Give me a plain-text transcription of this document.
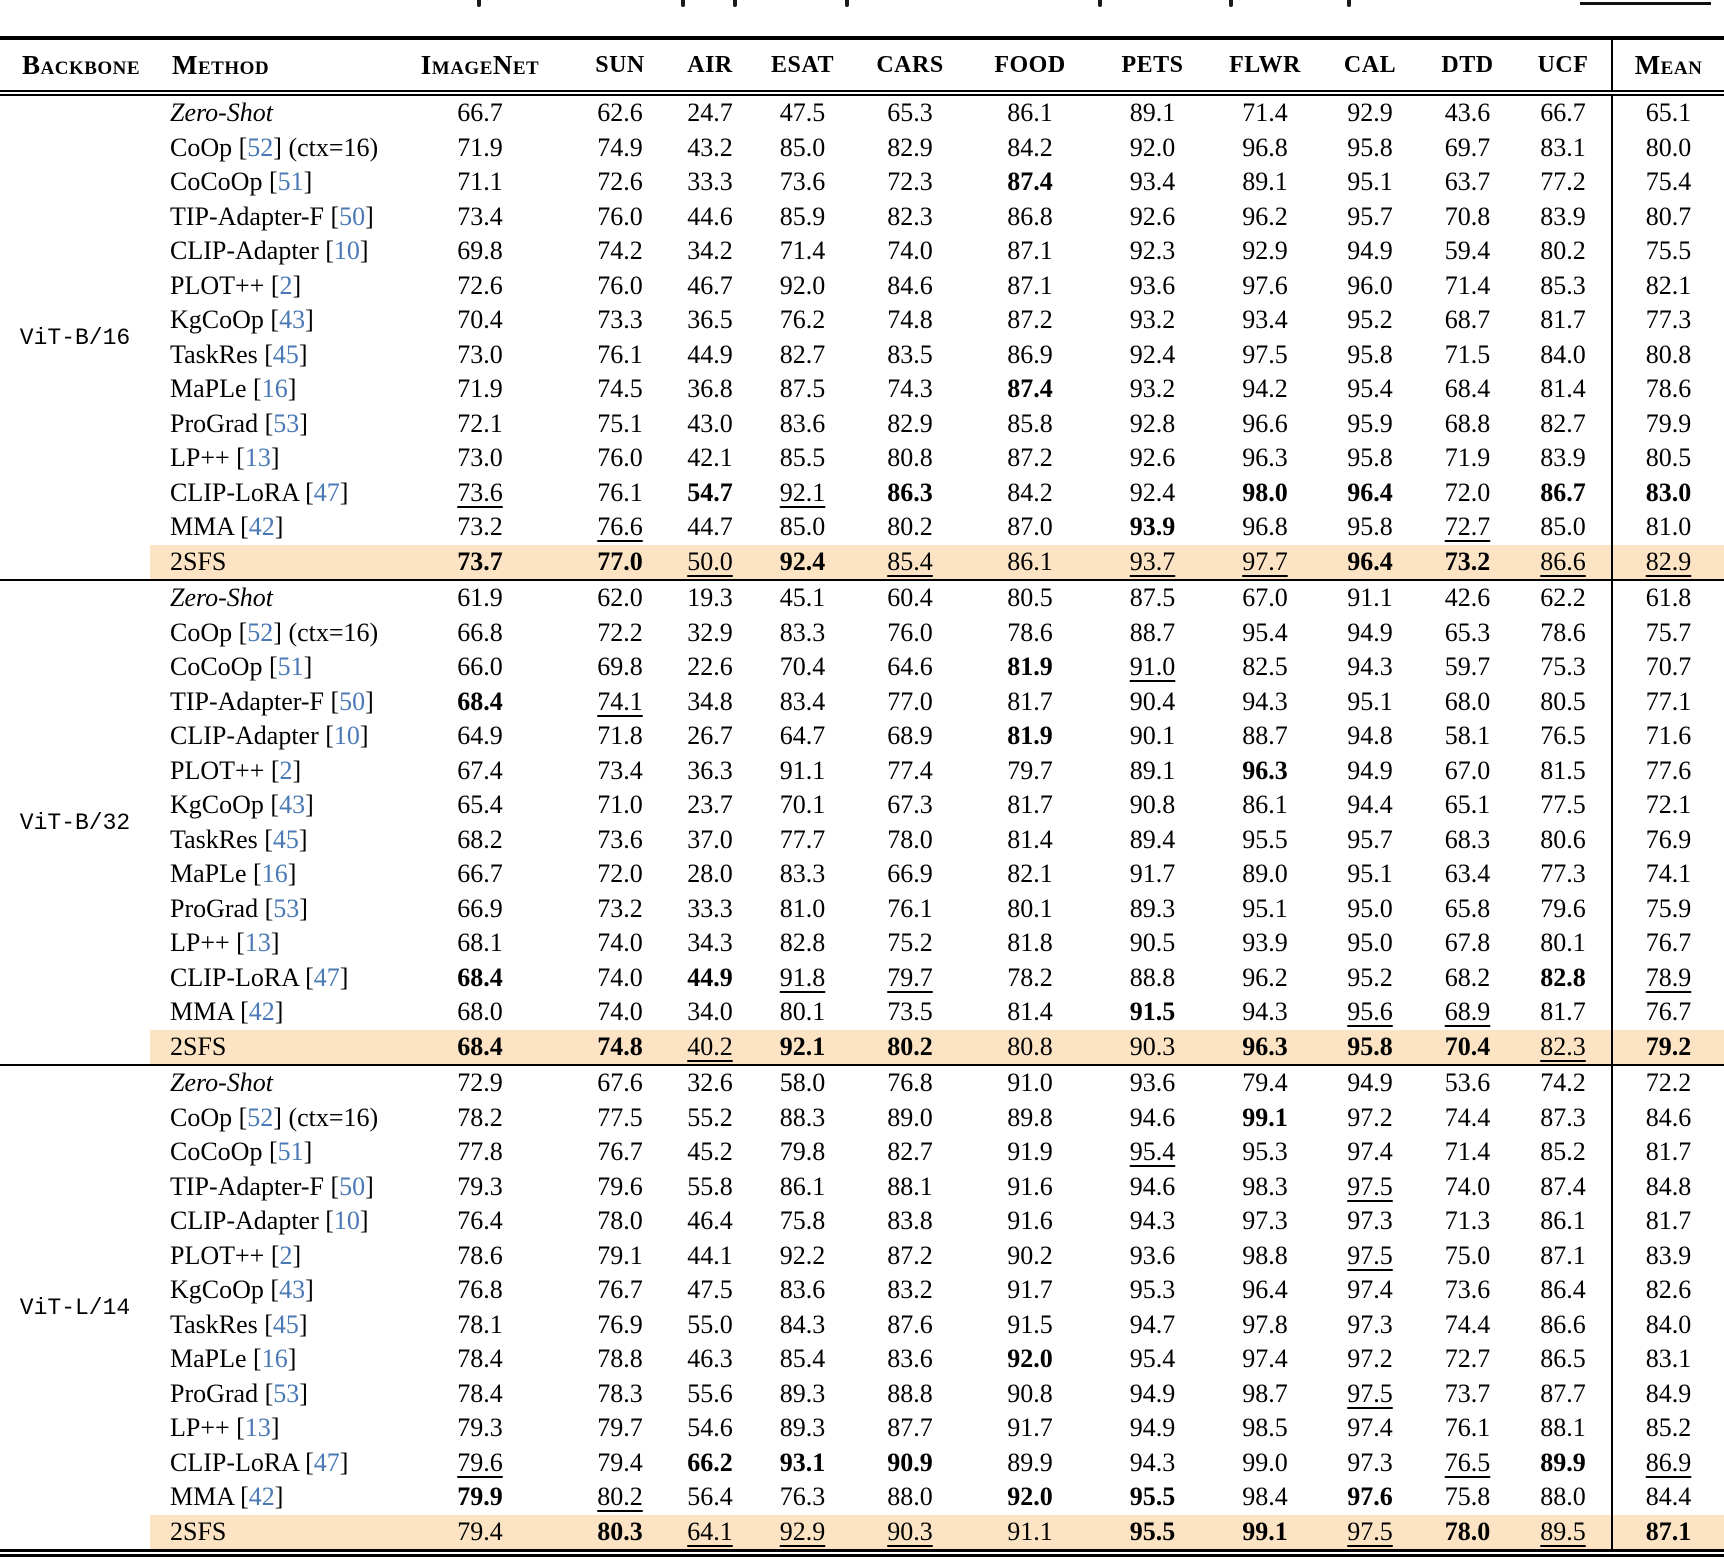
Backbone	Method	ImageNet	SUN	AIR	ESAT	CARS	FOOD	PETS	FLWR	CAL	DTD	UCF	Mean
ViT-B/16	Zero-Shot	66.7	62.6	24.7	47.5	65.3	86.1	89.1	71.4	92.9	43.6	66.7	65.1
	CoOp [52] (ctx=16)	71.9	74.9	43.2	85.0	82.9	84.2	92.0	96.8	95.8	69.7	83.1	80.0
	CoCoOp [51]	71.1	72.6	33.3	73.6	72.3	87.4	93.4	89.1	95.1	63.7	77.2	75.4
	TIP-Adapter-F [50]	73.4	76.0	44.6	85.9	82.3	86.8	92.6	96.2	95.7	70.8	83.9	80.7
	CLIP-Adapter [10]	69.8	74.2	34.2	71.4	74.0	87.1	92.3	92.9	94.9	59.4	80.2	75.5
	PLOT++ [2]	72.6	76.0	46.7	92.0	84.6	87.1	93.6	97.6	96.0	71.4	85.3	82.1
	KgCoOp [43]	70.4	73.3	36.5	76.2	74.8	87.2	93.2	93.4	95.2	68.7	81.7	77.3
	TaskRes [45]	73.0	76.1	44.9	82.7	83.5	86.9	92.4	97.5	95.8	71.5	84.0	80.8
	MaPLe [16]	71.9	74.5	36.8	87.5	74.3	87.4	93.2	94.2	95.4	68.4	81.4	78.6
	ProGrad [53]	72.1	75.1	43.0	83.6	82.9	85.8	92.8	96.6	95.9	68.8	82.7	79.9
	LP++ [13]	73.0	76.0	42.1	85.5	80.8	87.2	92.6	96.3	95.8	71.9	83.9	80.5
	CLIP-LoRA [47]	73.6	76.1	54.7	92.1	86.3	84.2	92.4	98.0	96.4	72.0	86.7	83.0
	MMA [42]	73.2	76.6	44.7	85.0	80.2	87.0	93.9	96.8	95.8	72.7	85.0	81.0
	2SFS	73.7	77.0	50.0	92.4	85.4	86.1	93.7	97.7	96.4	73.2	86.6	82.9
ViT-B/32	Zero-Shot	61.9	62.0	19.3	45.1	60.4	80.5	87.5	67.0	91.1	42.6	62.2	61.8
	CoOp [52] (ctx=16)	66.8	72.2	32.9	83.3	76.0	78.6	88.7	95.4	94.9	65.3	78.6	75.7
	CoCoOp [51]	66.0	69.8	22.6	70.4	64.6	81.9	91.0	82.5	94.3	59.7	75.3	70.7
	TIP-Adapter-F [50]	68.4	74.1	34.8	83.4	77.0	81.7	90.4	94.3	95.1	68.0	80.5	77.1
	CLIP-Adapter [10]	64.9	71.8	26.7	64.7	68.9	81.9	90.1	88.7	94.8	58.1	76.5	71.6
	PLOT++ [2]	67.4	73.4	36.3	91.1	77.4	79.7	89.1	96.3	94.9	67.0	81.5	77.6
	KgCoOp [43]	65.4	71.0	23.7	70.1	67.3	81.7	90.8	86.1	94.4	65.1	77.5	72.1
	TaskRes [45]	68.2	73.6	37.0	77.7	78.0	81.4	89.4	95.5	95.7	68.3	80.6	76.9
	MaPLe [16]	66.7	72.0	28.0	83.3	66.9	82.1	91.7	89.0	95.1	63.4	77.3	74.1
	ProGrad [53]	66.9	73.2	33.3	81.0	76.1	80.1	89.3	95.1	95.0	65.8	79.6	75.9
	LP++ [13]	68.1	74.0	34.3	82.8	75.2	81.8	90.5	93.9	95.0	67.8	80.1	76.7
	CLIP-LoRA [47]	68.4	74.0	44.9	91.8	79.7	78.2	88.8	96.2	95.2	68.2	82.8	78.9
	MMA [42]	68.0	74.0	34.0	80.1	73.5	81.4	91.5	94.3	95.6	68.9	81.7	76.7
	2SFS	68.4	74.8	40.2	92.1	80.2	80.8	90.3	96.3	95.8	70.4	82.3	79.2
ViT-L/14	Zero-Shot	72.9	67.6	32.6	58.0	76.8	91.0	93.6	79.4	94.9	53.6	74.2	72.2
	CoOp [52] (ctx=16)	78.2	77.5	55.2	88.3	89.0	89.8	94.6	99.1	97.2	74.4	87.3	84.6
	CoCoOp [51]	77.8	76.7	45.2	79.8	82.7	91.9	95.4	95.3	97.4	71.4	85.2	81.7
	TIP-Adapter-F [50]	79.3	79.6	55.8	86.1	88.1	91.6	94.6	98.3	97.5	74.0	87.4	84.8
	CLIP-Adapter [10]	76.4	78.0	46.4	75.8	83.8	91.6	94.3	97.3	97.3	71.3	86.1	81.7
	PLOT++ [2]	78.6	79.1	44.1	92.2	87.2	90.2	93.6	98.8	97.5	75.0	87.1	83.9
	KgCoOp [43]	76.8	76.7	47.5	83.6	83.2	91.7	95.3	96.4	97.4	73.6	86.4	82.6
	TaskRes [45]	78.1	76.9	55.0	84.3	87.6	91.5	94.7	97.8	97.3	74.4	86.6	84.0
	MaPLe [16]	78.4	78.8	46.3	85.4	83.6	92.0	95.4	97.4	97.2	72.7	86.5	83.1
	ProGrad [53]	78.4	78.3	55.6	89.3	88.8	90.8	94.9	98.7	97.5	73.7	87.7	84.9
	LP++ [13]	79.3	79.7	54.6	89.3	87.7	91.7	94.9	98.5	97.4	76.1	88.1	85.2
	CLIP-LoRA [47]	79.6	79.4	66.2	93.1	90.9	89.9	94.3	99.0	97.3	76.5	89.9	86.9
	MMA [42]	79.9	80.2	56.4	76.3	88.0	92.0	95.5	98.4	97.6	75.8	88.0	84.4
	2SFS	79.4	80.3	64.1	92.9	90.3	91.1	95.5	99.1	97.5	78.0	89.5	87.1
